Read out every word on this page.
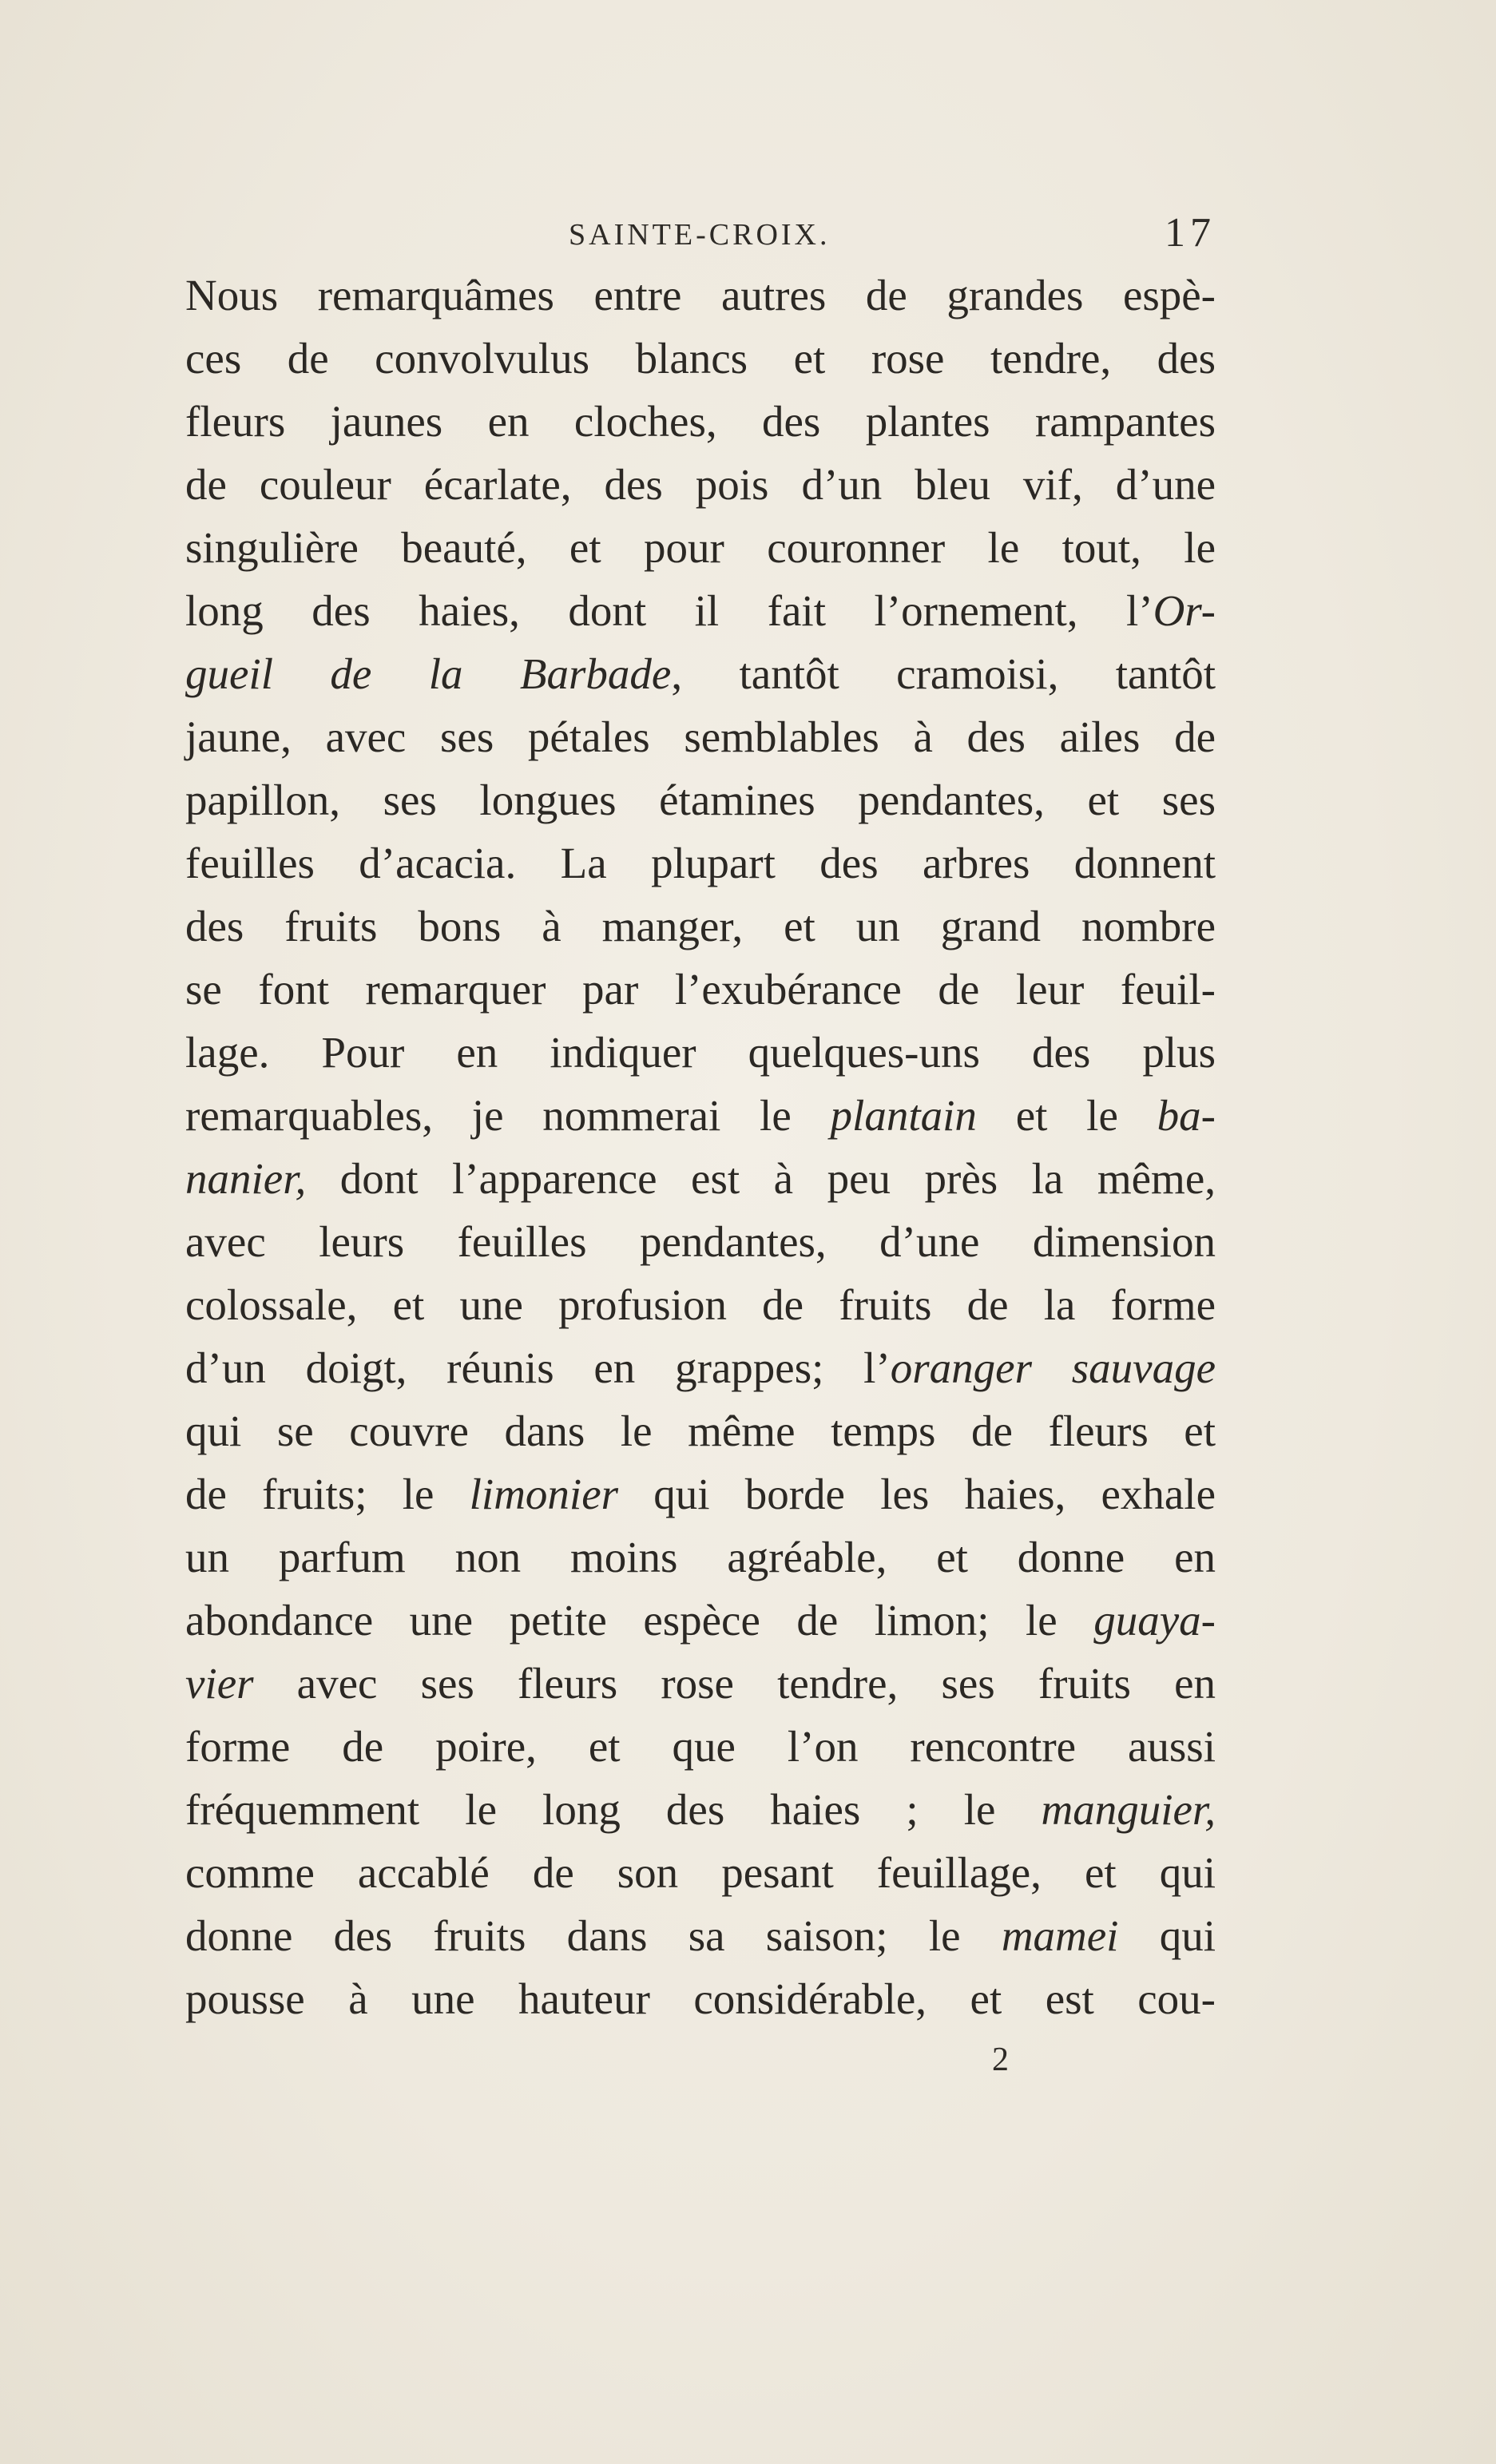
SAINTE-CROIX.	17
Nous remarquâmes entre autres de grandes espè-
ces de convolvulus blancs et rose tendre, des
fleurs jaunes en cloches, des plantes rampantes
de couleur écarlate, des pois d’un bleu vif, d’une
singulière beauté, et pour couronner le tout, le
long des haies, dont il fait l’ornement, l’Or-
gueil de la Barbade, tantôt cramoisi, tantôt
jaune, avec ses pétales semblables à des ailes de
papillon, ses longues étamines pendantes, et ses
feuilles d’acacia. La plupart des arbres donnent
des fruits bons à manger, et un grand nombre
se font remarquer par l’exubérance de leur feuil-
lage. Pour en indiquer quelques-uns des plus
remarquables, je nommerai le plantain et le ba-
nanier, dont l’apparence est à peu près la même,
avec leurs feuilles pendantes, d’une dimension
colossale, et une profusion de fruits de la forme
d’un doigt, réunis en grappes; l’oranger sauvage
qui se couvre dans le même temps de fleurs et
de fruits; le limonier qui borde les haies, exhale
un parfum non moins agréable, et donne en
abondance une petite espèce de limon; le guaya-
vier avec ses fleurs rose tendre, ses fruits en
forme de poire, et que l’on rencontre aussi
fréquemment le long des haies ; le manguier,
comme accablé de son pesant feuillage, et qui
donne des fruits dans sa saison; le mamei qui
pousse à une hauteur considérable, et est cou-
2
